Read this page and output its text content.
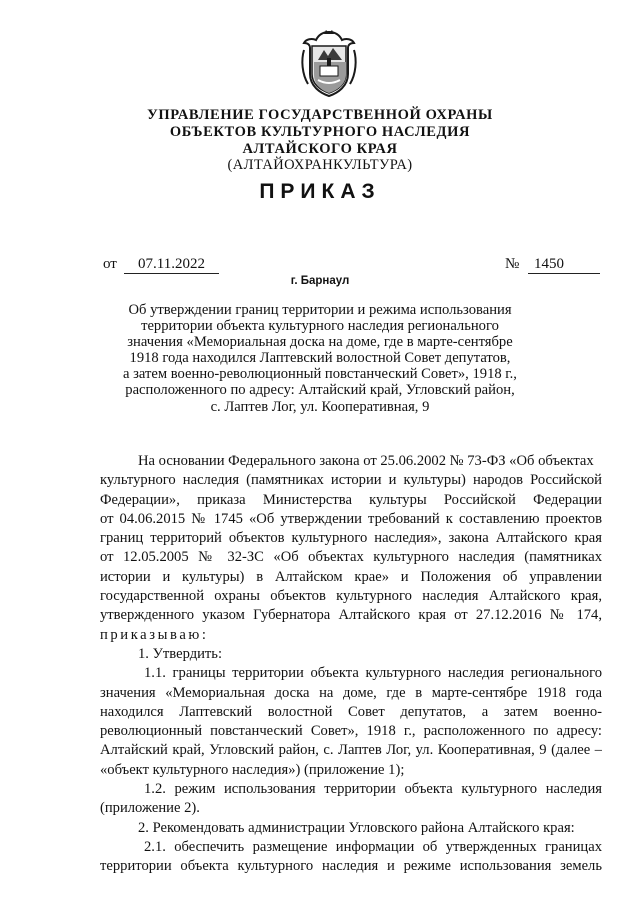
УПРАВЛЕНИЕ ГОСУДАРСТВЕННОЙ ОХРАНЫ
ОБЪЕКТОВ КУЛЬТУРНОГО НАСЛЕДИЯ
АЛТАЙСКОГО КРАЯ
(АЛТАЙОХРАНКУЛЬТУРА)
ПРИКАЗ
от	07.11.2022	№ 1450
г. Барнаул
Об утверждении границ территории и режима использования
территории объекта культурного наследия регионального
значения «Мемориальная доска на доме, где в марте-сентябре
1918 года находился Лаптевский волостной Совет депутатов,
а затем военно-революционный повстанческий Совет», 1918 г.,
расположенного по адресу: Алтайский край, Угловский район,
с. Лаптев Лог, ул. Кооперативная, 9
На основании Федерального закона от 25.06.2002 № 73-ФЗ «Об объектах
культурного наследия (памятниках истории и культуры) народов Российской
Федерации», приказа Министерства культуры Российской Федерации
от 04.06.2015 № 1745 «Об утверждении требований к составлению проектов
границ территорий объектов культурного наследия», закона Алтайского края
от 12.05.2005 № 32-ЗС «Об объектах культурного наследия (памятниках
истории и культуры) в Алтайском крае» и Положения об управлении
государственной охраны объектов культурного наследия Алтайского края,
утвержденного указом Губернатора Алтайского края от 27.12.2016 № 174,
приказываю:
1. Утвердить:
1.1. границы территории объекта культурного наследия регионального
значения «Мемориальная доска на доме, где в марте-сентябре 1918 года
находился Лаптевский волостной Совет депутатов, а затем военно-
революционный повстанческий Совет», 1918 г., расположенного по адресу:
Алтайский край, Угловский район, с. Лаптев Лог, ул. Кооперативная, 9 (далее –
«объект культурного наследия») (приложение 1);
1.2. режим использования территории объекта культурного наследия
(приложение 2).
2. Рекомендовать администрации Угловского района Алтайского края:
2.1. обеспечить размещение информации об утвержденных границах
территории объекта культурного наследия и режиме использования земель
